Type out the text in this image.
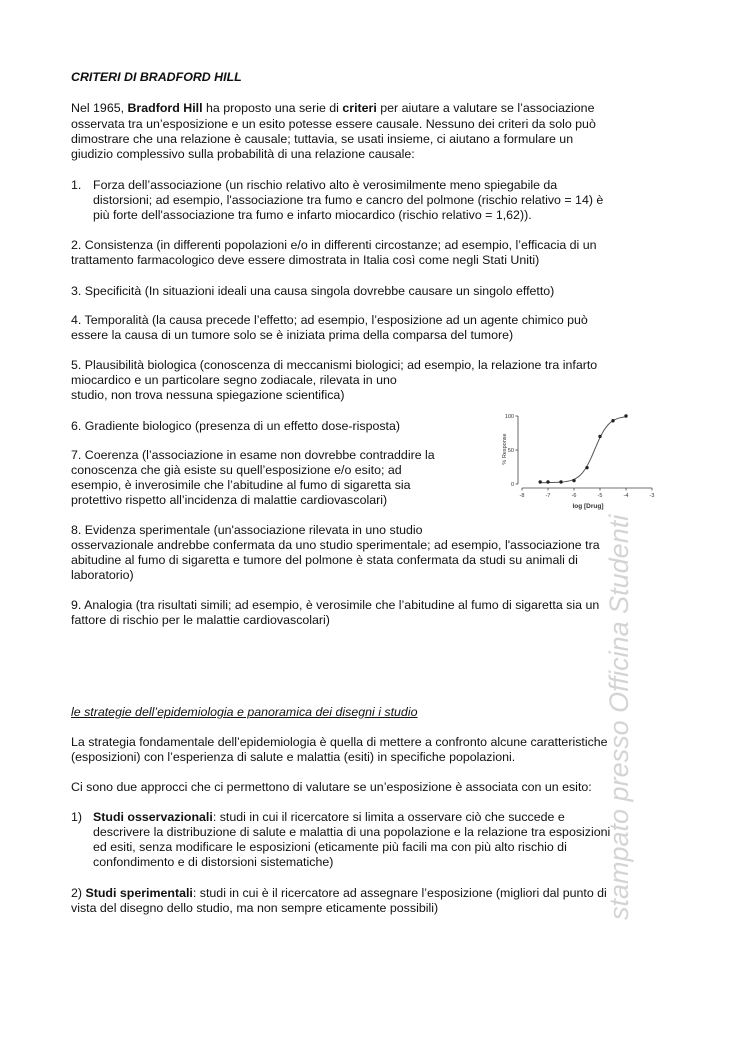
CRITERI DI BRADFORD HILL
Nel 1965, Bradford Hill ha proposto una serie di criteri per aiutare a valutare se l’associazione
osservata tra un’esposizione e un esito potesse essere causale. Nessuno dei criteri da solo può
dimostrare che una relazione è causale; tuttavia, se usati insieme, ci aiutano a formulare un
giudizio complessivo sulla probabilità di una relazione causale:
1. Forza dell’associazione (un rischio relativo alto è verosimilmente meno spiegabile da
distorsioni; ad esempio, l'associazione tra fumo e cancro del polmone (rischio relativo = 14) è
più forte dell'associazione tra fumo e infarto miocardico (rischio relativo = 1,62)).
2. Consistenza (in differenti popolazioni e/o in differenti circostanze; ad esempio, l’efficacia di un
trattamento farmacologico deve essere dimostrata in Italia così come negli Stati Uniti)
3. Specificità (In situazioni ideali una causa singola dovrebbe causare un singolo effetto)
4. Temporalità (la causa precede l’effetto; ad esempio, l’esposizione ad un agente chimico può
essere la causa di un tumore solo se è iniziata prima della comparsa del tumore)
5. Plausibilità biologica (conoscenza di meccanismi biologici; ad esempio, la relazione tra infarto
miocardico e un particolare segno zodiacale, rilevata in uno
studio, non trova nessuna spiegazione scientifica)
6. Gradiente biologico (presenza di un effetto dose-risposta)
7. Coerenza (l’associazione in esame non dovrebbe contraddire la
conoscenza che già esiste su quell’esposizione e/o esito; ad
esempio, è inverosimile che l’abitudine al fumo di sigaretta sia
protettivo rispetto all’incidenza di malattie cardiovascolari)
8. Evidenza sperimentale (un'associazione rilevata in uno studio
osservazionale andrebbe confermata da uno studio sperimentale; ad esempio, l'associazione tra
abitudine al fumo di sigaretta e tumore del polmone è stata confermata da studi su animali di
laboratorio)
9. Analogia (tra risultati simili; ad esempio, è verosimile che l’abitudine al fumo di sigaretta sia un
fattore di rischio per le malattie cardiovascolari)
le strategie dell’epidemiologia e panoramica dei disegni i studio
La strategia fondamentale dell’epidemiologia è quella di mettere a confronto alcune caratteristiche
(esposizioni) con l’esperienza di salute e malattia (esiti) in specifiche popolazioni.
Ci sono due approcci che ci permettono di valutare se un’esposizione è associata con un esito:
1) Studi osservazionali: studi in cui il ricercatore si limita a osservare ciò che succede e
descrivere la distribuzione di salute e malattia di una popolazione e la relazione tra esposizioni
ed esiti, senza modificare le esposizioni (eticamente più facili ma con più alto rischio di
confondimento e di distorsioni sistematiche)
2) Studi sperimentali: studi in cui è il ricercatore ad assegnare l’esposizione (migliori dal punto di
vista del disegno dello studio, ma non sempre eticamente possibili)
-8	-7	-6	-5	-4	-3
0
50
100
% Response
log [Drug]
stampato presso Officina Studenti
